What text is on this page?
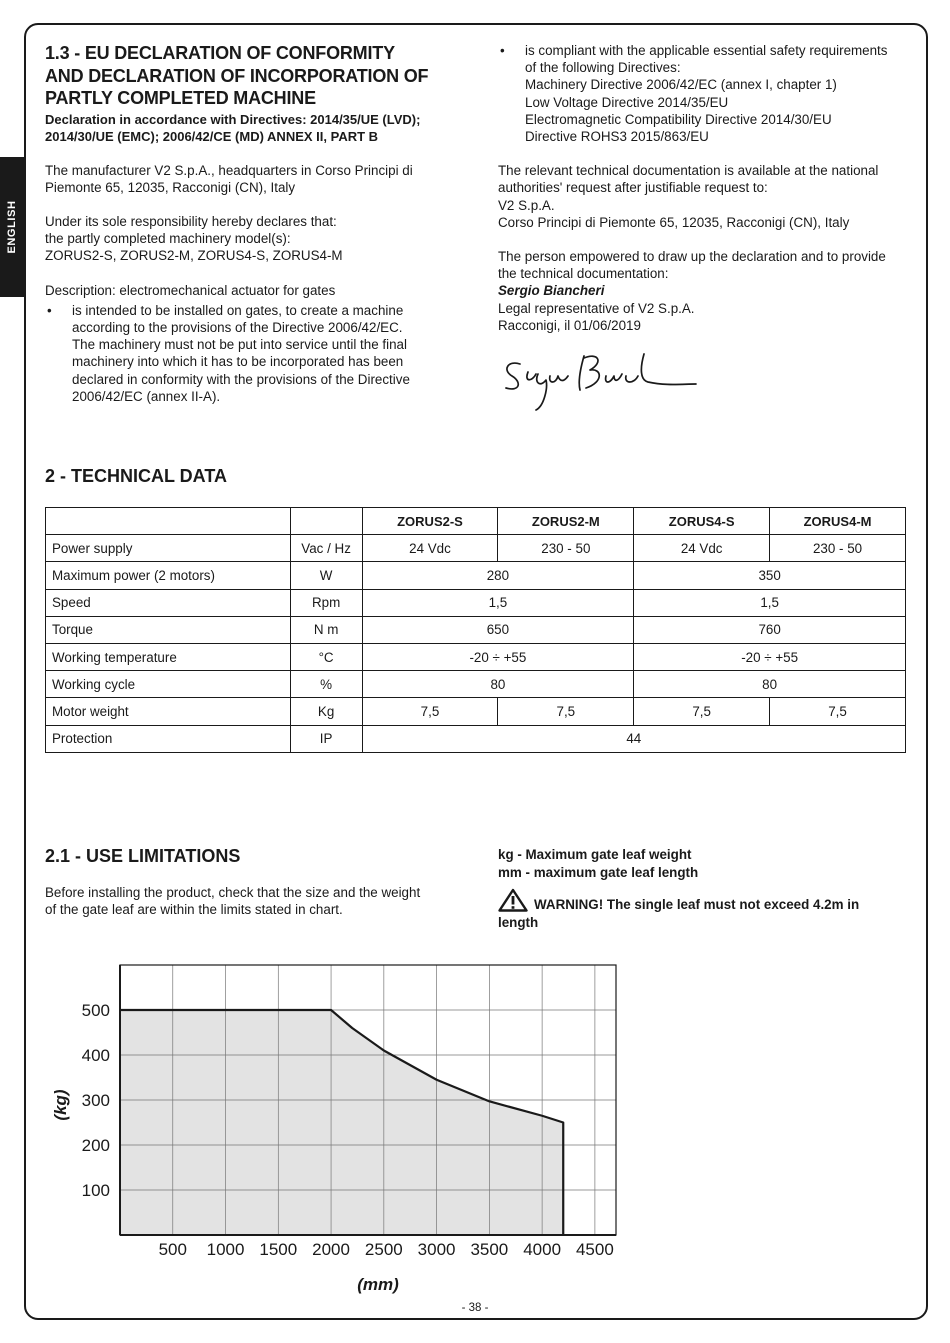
ENGLISH
1.3 - EU DECLARATION OF CONFORMITY
AND DECLARATION OF INCORPORATION OF
PARTLY COMPLETED MACHINE
Declaration in accordance with Directives: 2014/35/UE (LVD);
2014/30/UE (EMC); 2006/42/CE (MD) ANNEX II, PART B
The manufacturer V2 S.p.A., headquarters in Corso Principi di
Piemonte 65, 12035, Racconigi (CN), Italy
Under its sole responsibility hereby declares that:
the partly completed machinery model(s):
ZORUS2-S, ZORUS2-M, ZORUS4-S, ZORUS4-M
Description: electromechanical actuator for gates
• is intended to be installed on gates, to create a machine
according to the provisions of the Directive 2006/42/EC.
The machinery must not be put into service until the final
machinery into which it has to be incorporated has been
declared in conformity with the provisions of the Directive
2006/42/EC (annex II-A).
• is compliant with the applicable essential safety requirements
of the following Directives:
Machinery Directive 2006/42/EC (annex I, chapter 1)
Low Voltage Directive 2014/35/EU
Electromagnetic Compatibility Directive 2014/30/EU
Directive ROHS3 2015/863/EU
The relevant technical documentation is available at the national
authorities' request after justifiable request to:
V2 S.p.A.
Corso Principi di Piemonte 65, 12035, Racconigi (CN), Italy
The person empowered to draw up the declaration and to provide
the technical documentation:
Sergio Biancheri
Legal representative of V2 S.p.A.
Racconigi, il 01/06/2019
2 - TECHNICAL DATA
		ZORUS2-S	ZORUS2-M	ZORUS4-S	ZORUS4-M
Power supply	Vac / Hz	24 Vdc	230 - 50	24 Vdc	230 - 50
Maximum power (2 motors)	W	280		350	
Speed	Rpm	1,5		1,5	
Torque	N m	650		760	
Working temperature	°C	-20 ÷ +55		-20 ÷ +55	
Working cycle	%	80		80	
Motor weight	Kg	7,5	7,5	7,5	7,5
Protection	IP	44			
2.1 - USE LIMITATIONS
Before installing the product, check that the size and the weight
of the gate leaf are within the limits stated in chart.
kg - Maximum gate leaf weight
mm - maximum gate leaf length
WARNING! The single leaf must not exceed 4.2m in
length
500 1000 1500 2000 2500 3000 3500 4000 4500
100
200
300
400
500
(mm)
(kg)
- 38 -
